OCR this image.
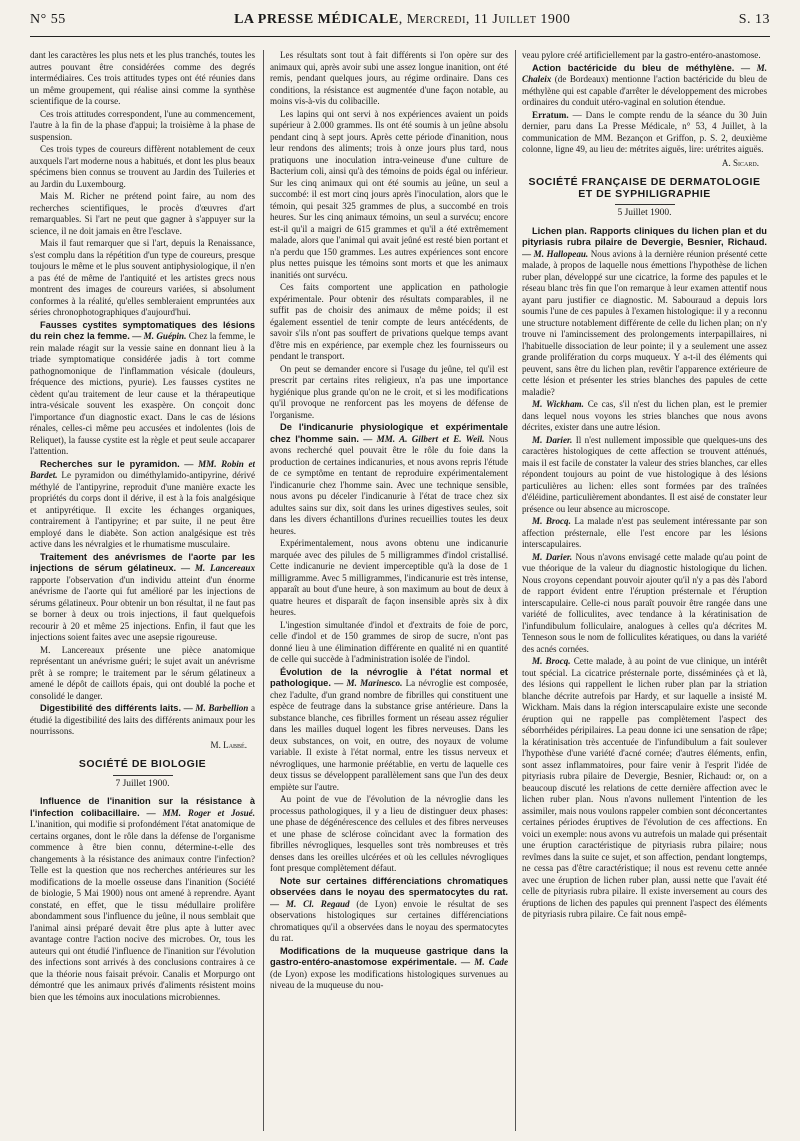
N° 55	LA PRESSE MÉDICALE, Mercredi, 11 Juillet 1900	S. 13

dant les caractères les plus nets et les plus tranchés, toutes les autres pouvant être considérées comme des degrés intermédiaires. Ces trois attitudes types ont été réunies dans un même groupement, qui réalise ainsi comme la synthèse scientifique de la course.

Ces trois attitudes correspondent, l'une au commencement, l'autre à la fin de la phase d'appui; la troisième à la phase de suspension.

Ces trois types de coureurs diffèrent notablement de ceux auxquels l'art moderne nous a habitués, et dont les plus beaux spécimens bien connus se trouvent au Jardin des Tuileries et au Jardin du Luxembourg.

Mais M. Richer ne prétend point faire, au nom des recherches scientifiques, le procès d'œuvres d'art remarquables. Si l'art ne peut que gagner à s'appuyer sur la science, il ne doit jamais en être l'esclave.

Mais il faut remarquer que si l'art, depuis la Renaissance, s'est complu dans la répétition d'un type de coureurs, presque toujours le même et le plus souvent antiphysiologique, il n'en a pas été de même de l'antiquité et les artistes grecs nous montrent des images de coureurs variées, si absolument conformes à la réalité, qu'elles sembleraient empruntées aux séries chronophotographiques d'aujourd'hui.

Fausses cystites symptomatiques des lésions du rein chez la femme. — M. Guépin. Chez la femme, le rein malade réagit sur la vessie saine en donnant lieu à la triade symptomatique considérée jadis à tort comme pathognomonique de l'inflammation vésicale (douleurs, fréquence des mictions, pyurie). Les fausses cystites ne cèdent qu'au traitement de leur cause et la thérapeutique intra-vésicale souvent les exaspère. On conçoit donc l'importance d'un diagnostic exact. Dans le cas de lésions rénales, celles-ci même peu accusées et indolentes (lois de Reliquet), la fausse cystite est la règle et peut seule accaparer l'attention.

Recherches sur le pyramidon. — MM. Robin et Bardet. Le pyramidon ou diméthylamido-antipyrine, dérivé méthylé de l'antipyrine, reproduit d'une manière exacte les propriétés du corps dont il dérive, il est à la fois analgésique et antipyrétique. Il excite les échanges organiques, contrairement à l'antipyrine; et par suite, il ne peut être employé dans le diabète. Son action analgésique est très active dans les névralgies et le rhumatisme musculaire.

Traitement des anévrismes de l'aorte par les injections de sérum gélatineux. — M. Lancereaux rapporte l'observation d'un individu atteint d'un énorme anévrisme de l'aorte qui fut amélioré par les injections de sérums gélatineux. Pour obtenir un bon résultat, il ne faut pas se borner à deux ou trois injections, il faut quelquefois recourir à 20 et même 25 injections. Enfin, il faut que les injections soient faites avec une asepsie rigoureuse.

M. Lancereaux présente une pièce anatomique représentant un anévrisme guéri; le sujet avait un anévrisme prêt à se rompre; le traitement par le sérum gélatineux a amené le dépôt de caillots épais, qui ont doublé la poche et consolidé le danger.

Digestibilité des différents laits. — M. Barbellion a étudié la digestibilité des laits des différents animaux pour les nourrissons.

M. Labbé.

SOCIÉTÉ DE BIOLOGIE

7 Juillet 1900.

Influence de l'inanition sur la résistance à l'infection colibacillaire. — MM. Roger et Josué. L'inanition, qui modifie si profondément l'état anatomique de certains organes, dont le rôle dans la défense de l'organisme commence à être bien connu, détermine-t-elle des changements à la résistance des animaux contre l'infection? Telle est la question que nos recherches antérieures sur les modifications de la moelle osseuse dans l'inanition (Société de biologie, 5 Mai 1900) nous ont amené à reprendre. Ayant constaté, en effet, que le tissu médullaire prolifère abondamment sous l'influence du jeûne, il nous semblait que l'animal ainsi préparé devait être plus apte à lutter avec avantage contre l'action nocive des microbes. Or, tous les auteurs qui ont étudié l'influence de l'inanition sur l'évolution des infections sont arrivés à des conclusions contraires à ce que la théorie nous faisait prévoir. Canalis et Morpurgo ont démontré que les animaux privés d'aliments résistent moins bien que les témoins aux inoculations microbiennes.

Les résultats sont tout à fait différents si l'on opère sur des animaux qui, après avoir subi une assez longue inanition, ont été remis, pendant quelques jours, au régime ordinaire. Dans ces conditions, la résistance est augmentée d'une façon notable, au moins vis-à-vis du colibacille.

Les lapins qui ont servi à nos expériences avaient un poids supérieur à 2.000 grammes. Ils ont été soumis à un jeûne absolu pendant cinq à sept jours. Après cette période d'inanition, nous leur rendons des aliments; trois à onze jours plus tard, nous pratiquons une inoculation intra-veineuse d'une culture de Bacterium coli, ainsi qu'à des témoins de poids égal ou inférieur. Sur les cinq animaux qui ont été soumis au jeûne, un seul a succombé: il est mort cinq jours après l'inoculation, alors que le témoin, qui pesait 325 grammes de plus, a succombé en trois heures. Sur les cinq animaux témoins, un seul a survécu; encore est-il qu'il a maigri de 615 grammes et qu'il a été extrêmement malade, alors que l'animal qui avait jeûné est resté bien portant et n'a perdu que 150 grammes. Les autres expériences sont encore plus nettes puisque les témoins sont morts et que les animaux inanitiés ont survécu.

Ces faits comportent une application en pathologie expérimentale. Pour obtenir des résultats comparables, il ne suffit pas de choisir des animaux de même poids; il est également essentiel de tenir compte de leurs antécédents, de savoir s'ils n'ont pas souffert de privations quelque temps avant d'être mis en expérience, par exemple chez les fournisseurs ou pendant le transport.

On peut se demander encore si l'usage du jeûne, tel qu'il est prescrit par certains rites religieux, n'a pas une importance hygiénique plus grande qu'on ne le croit, et si les modifications qu'il provoque ne renforcent pas les moyens de défense de l'organisme.

De l'indicanurie physiologique et expérimentale chez l'homme sain. — MM. A. Gilbert et E. Weil. Nous avons recherché quel pouvait être le rôle du foie dans la production de certaines indicanuries, et nous avons repris l'étude de ce symptôme en tentant de reproduire expérimentalement l'indicanurie chez l'homme sain. Avec une technique sensible, nous avons pu déceler l'indicanurie à l'état de trace chez six adultes sains sur dix, soit dans les urines digestives seules, soit dans les divers échantillons d'urines recueillies toutes les deux heures.

Expérimentalement, nous avons obtenu une indicanurie marquée avec des pilules de 5 milligrammes d'indol cristallisé. Cette indicanurie ne devient imperceptible qu'à la dose de 1 milligramme. Avec 5 milligrammes, l'indicanurie est très intense, apparaît au bout d'une heure, à son maximum au bout de deux à quatre heures et disparaît de façon insensible après six à dix heures.

L'ingestion simultanée d'indol et d'extraits de foie de porc, celle d'indol et de 150 grammes de sirop de sucre, n'ont pas donné lieu à une élimination différente en qualité ni en quantité de celle qui succède à l'administration isolée de l'indol.

Évolution de la névroglie à l'état normal et pathologique. — M. Marinesco. La névroglie est composée, chez l'adulte, d'un grand nombre de fibrilles qui constituent une espèce de feutrage dans la substance grise antérieure. Dans la substance blanche, ces fibrilles forment un réseau assez régulier dans les mailles duquel logent les fibres nerveuses. Dans les deux substances, on voit, en outre, des noyaux de volume variable. Il existe à l'état normal, entre les tissus nerveux et névrogliques, une harmonie préétablie, en vertu de laquelle ces deux tissus se développent parallèlement sans que l'un des deux empiète sur l'autre.

Au point de vue de l'évolution de la névroglie dans les processus pathologiques, il y a lieu de distinguer deux phases: une phase de dégénérescence des cellules et des fibres nerveuses et une phase de sclérose coïncidant avec la formation des fibrilles névrogliques, lesquelles sont très nombreuses et très denses dans les oreilles ulcérées et où les cellules névrogliques font presque complètement défaut.

Note sur certaines différenciations chromatiques observées dans le noyau des spermatocytes du rat. — M. Cl. Regaud (de Lyon) envoie le résultat de ses observations histologiques sur certaines différenciations chromatiques qu'il a observées dans le noyau des spermatocytes du rat.

Modifications de la muqueuse gastrique dans la gastro-entéro-anastomose expérimentale. — M. Cade (de Lyon) expose les modifications histologiques survenues au niveau de la muqueuse du nou-

veau pylore créé artificiellement par la gastro-entéro-anastomose.

Action bactéricide du bleu de méthylène. — M. Chaleix (de Bordeaux) mentionne l'action bactéricide du bleu de méthylène qui est capable d'arrêter le développement des microbes ordinaires du conduit utéro-vaginal en solution étendue.

Erratum. — Dans le compte rendu de la séance du 30 Juin dernier, paru dans La Presse Médicale, n° 53, 4 Juillet, à la communication de MM. Bezançon et Griffon, p. S. 2, deuxième colonne, ligne 49, au lieu de: métrites aiguës, lire: urétrites aiguës.

A. Sicard.

SOCIÉTÉ FRANÇAISE DE DERMATOLOGIE ET DE SYPHILIGRAPHIE

5 Juillet 1900.

Lichen plan. Rapports cliniques du lichen plan et du pityriasis rubra pilaire de Devergie, Besnier, Richaud. — M. Hallopeau. Nous avions à la dernière réunion présenté cette malade, à propos de laquelle nous émettions l'hypothèse de lichen ruber plan, développé sur une cicatrice, la forme des papules et le réseau blanc très fin que l'on remarque à leur examen attentif nous ayant paru justifier ce diagnostic. M. Sabouraud a depuis lors soumis l'une de ces papules à l'examen histologique: il y a reconnu une structure notablement différente de celle du lichen plan; on n'y trouve ni l'amincissement des prolongements interpapillaires, ni l'habituelle dissociation de leur pointe; il y a seulement une assez grande prolifération du corps muqueux. Y a-t-il des éléments qui peuvent, sans être du lichen plan, revêtir l'apparence extérieure de cette lésion et présenter les stries blanches des papules de cette maladie?

M. Wickham. Ce cas, s'il n'est du lichen plan, est le premier dans lequel nous voyons les stries blanches que nous avons décrites, exister dans une autre lésion.

M. Darier. Il n'est nullement impossible que quelques-uns des caractères histologiques de cette affection se trouvent atténués, mais il est facile de constater la valeur des stries blanches, car elles répondent toujours au point de vue histologique à des lésions particulières au lichen: elles sont formées par des traînées d'éléidine, particulièrement abondantes. Il est aisé de constater leur présence ou leur absence au microscope.

M. Brocq. La malade n'est pas seulement intéressante par son affection présternale, elle l'est encore par les lésions interscapulaires.

M. Darier. Nous n'avons envisagé cette malade qu'au point de vue théorique de la valeur du diagnostic histologique du lichen. Nous croyons cependant pouvoir ajouter qu'il n'y a pas dès l'abord de rapport évident entre l'éruption présternale et l'éruption interscapulaire. Celle-ci nous paraît pouvoir être rangée dans une variété de folliculites, avec tendance à la kératinisation de l'infundibulum folliculaire, analogues à celles qu'a décrites M. Tenneson sous le nom de folliculites kératiques, ou dans la variété des acnés cornées.

M. Brocq. Cette malade, à au point de vue clinique, un intérêt tout spécial. La cicatrice présternale porte, disséminées çà et là, des lésions qui rappellent le lichen ruber plan par la striation blanche décrite autrefois par Hardy, et sur laquelle a insisté M. Wickham. Mais dans la région interscapulaire existe une seconde éruption qui ne rappelle pas complètement l'aspect des séborrhéides péripilaires. La peau donne ici une sensation de râpe; la kératinisation très accentuée de l'infundibulum a fait soulever l'hypothèse d'une variété d'acné cornée; d'autres éléments, enfin, sont assez inflammatoires, pour faire venir à l'esprit l'idée de pityriasis rubra pilaire de Devergie, Besnier, Richaud: or, on a beaucoup discuté les relations de cette dernière affection avec le lichen ruber plan. Nous n'avons nullement l'intention de les assimiler, mais nous voulons rappeler combien sont déconcertantes certaines périodes éruptives de l'évolution de ces affections. En voici un exemple: nous avons vu autrefois un malade qui présentait une éruption caractéristique de pityriasis rubra pilaire; nous revîmes dans la suite ce sujet, et son affection, pendant longtemps, ne cessa pas d'être caractéristique; il nous est revenu cette année avec une éruption de lichen ruber plan, aussi nette que l'avait été celle de pityriasis rubra pilaire. Il existe inversement au cours des éruptions de lichen des papules qui prennent l'aspect des éléments de pityriasis rubra pilaire. Ce fait nous empê-
